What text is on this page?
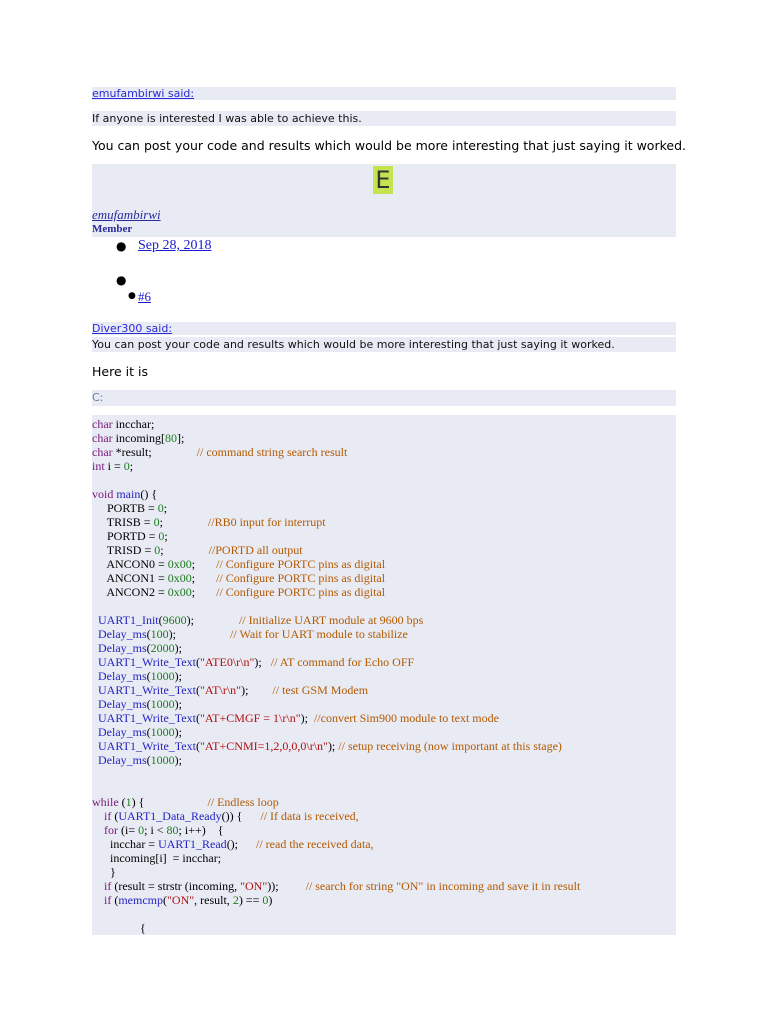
emufambirwi said:
If anyone is interested I was able to achieve this.
You can post your code and results which would be more interesting that just saying it worked.
E
emufambirwi
Member
● Sep 28, 2018
●
● #6
Diver300 said:
You can post your code and results which would be more interesting that just saying it worked.
Here it is
C:
char incchar;
char incoming[80];
char *result;               // command string search result
int i = 0;
void main() {
PORTB = 0;
TRISB = 0;               //RB0 input for interrupt
PORTD = 0;
TRISD = 0;               //PORTD all output
ANCON0 = 0x00;       // Configure PORTC pins as digital
ANCON1 = 0x00;       // Configure PORTC pins as digital
ANCON2 = 0x00;       // Configure PORTC pins as digital
UART1_Init(9600);               // Initialize UART module at 9600 bps
Delay_ms(100);                  // Wait for UART module to stabilize
Delay_ms(2000);
UART1_Write_Text("ATE0\r\n");   // AT command for Echo OFF
Delay_ms(1000);
UART1_Write_Text("AT\r\n");        // test GSM Modem
Delay_ms(1000);
UART1_Write_Text("AT+CMGF = 1\r\n");  //convert Sim900 module to text mode
Delay_ms(1000);
UART1_Write_Text("AT+CNMI=1,2,0,0,0\r\n"); // setup receiving (now important at this stage)
Delay_ms(1000);
while (1) {                     // Endless loop
if (UART1_Data_Ready()) {      // If data is received,
for (i= 0; i < 80; i++)    {
incchar = UART1_Read();      // read the received data,
incoming[i]  = incchar;
}
if (result = strstr (incoming, "ON"));         // search for string "ON" in incoming and save it in result
if (memcmp("ON", result, 2) == 0)
{
